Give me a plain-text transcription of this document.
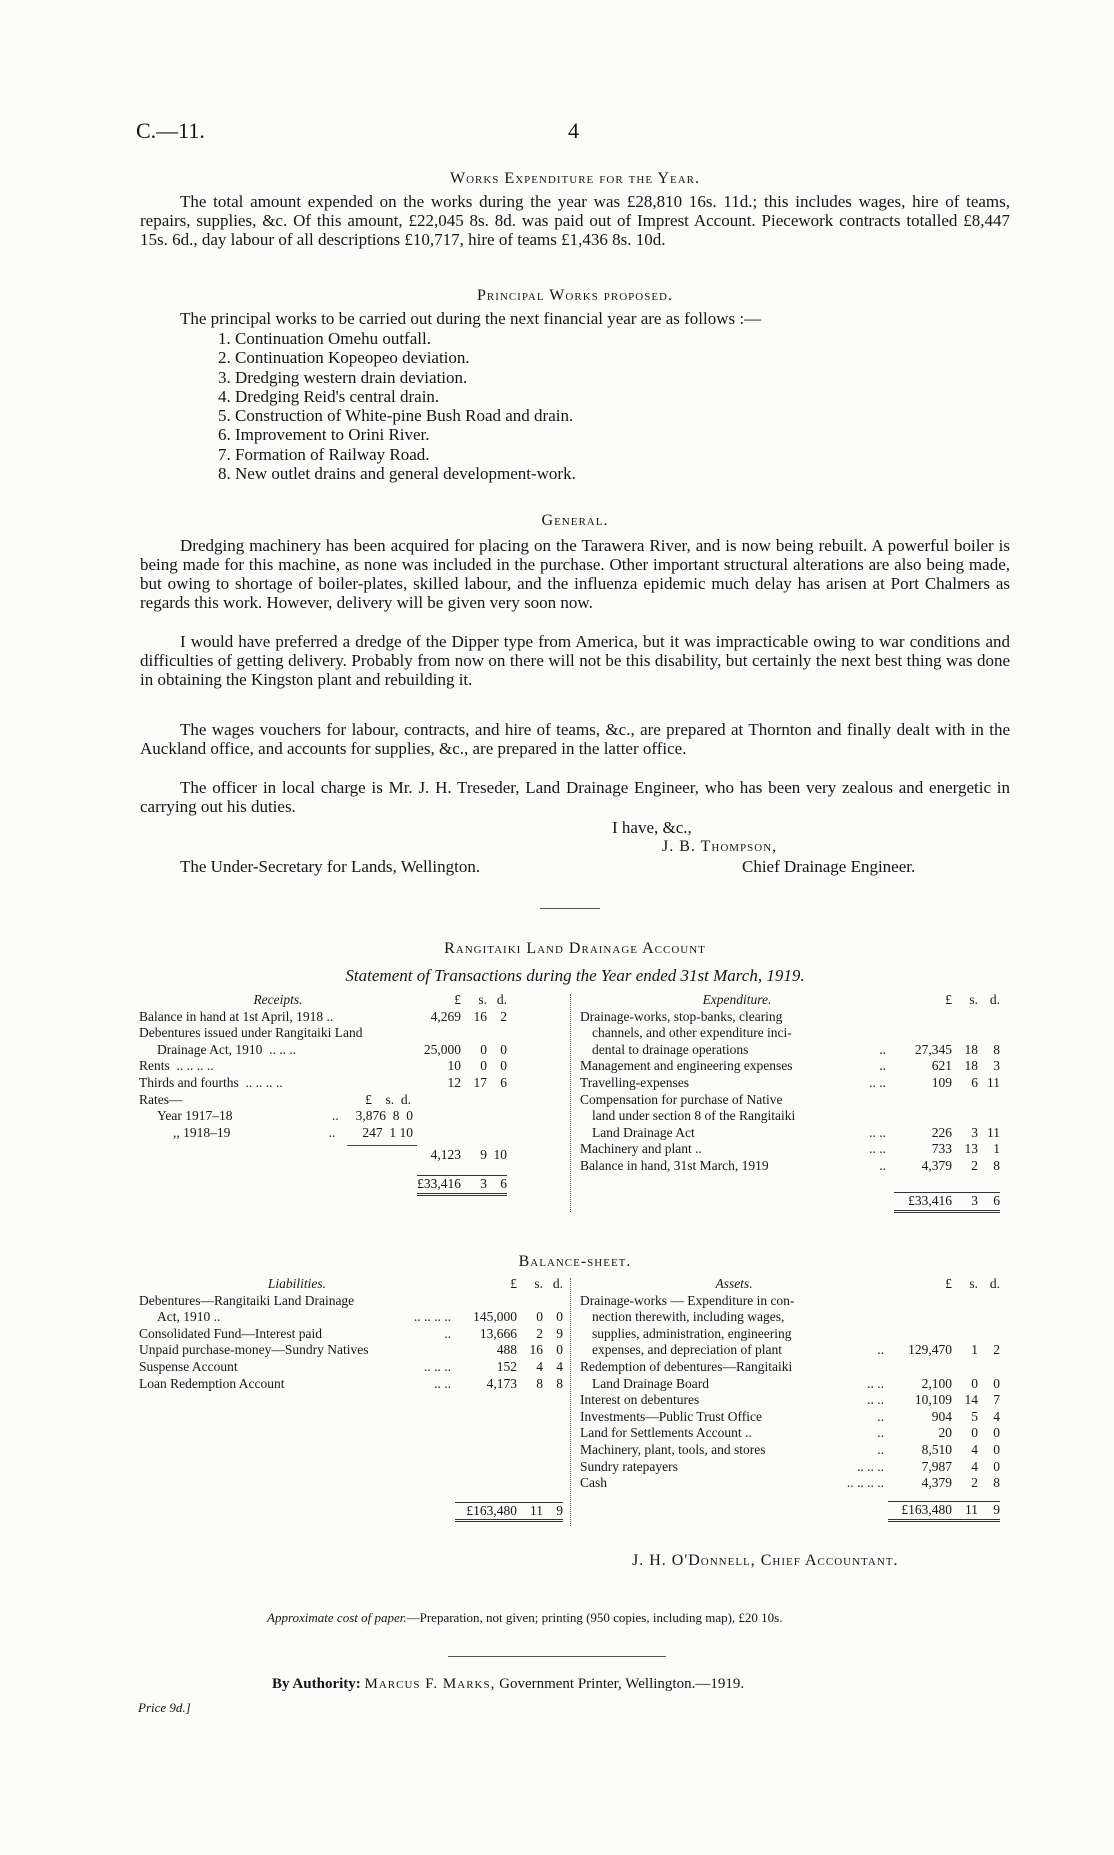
C.—11.	4
Works Expenditure for the Year.
The total amount expended on the works during the year was £28,810 16s. 11d.; this includes wages, hire of teams, repairs, supplies, &c. Of this amount, £22,045 8s. 8d. was paid out of Imprest Account. Piecework contracts totalled £8,447 15s. 6d., day labour of all descriptions £10,717, hire of teams £1,436 8s. 10d.
Principal Works proposed.
The principal works to be carried out during the next financial year are as follows :—
1. Continuation Omehu outfall.
2. Continuation Kopeopeo deviation.
3. Dredging western drain deviation.
4. Dredging Reid's central drain.
5. Construction of White-pine Bush Road and drain.
6. Improvement to Orini River.
7. Formation of Railway Road.
8. New outlet drains and general development-work.
General.
Dredging machinery has been acquired for placing on the Tarawera River, and is now being rebuilt. A powerful boiler is being made for this machine, as none was included in the purchase. Other important structural alterations are also being made, but owing to shortage of boiler-plates, skilled labour, and the influenza epidemic much delay has arisen at Port Chalmers as regards this work. However, delivery will be given very soon now.
I would have preferred a dredge of the Dipper type from America, but it was impracticable owing to war conditions and difficulties of getting delivery. Probably from now on there will not be this disability, but certainly the next best thing was done in obtaining the Kingston plant and rebuilding it.
The wages vouchers for labour, contracts, and hire of teams, &c., are prepared at Thornton and finally dealt with in the Auckland office, and accounts for supplies, &c., are prepared in the latter office.
The officer in local charge is Mr. J. H. Treseder, Land Drainage Engineer, who has been very zealous and energetic in carrying out his duties.
I have, &c.,
J. B. Thompson,
Chief Drainage Engineer.
The Under-Secretary for Lands, Wellington.
Rangitaiki Land Drainage Account
Statement of Transactions during the Year ended 31st March, 1919.
Receipts.	£	s.	d.
Balance in hand at 1st April, 1918 ..	4,269	16	2
Debentures issued under Rangitaiki Land			
Drainage Act, 1910 .. .. ..	25,000	0	0
Rents .. .. .. ..	10	0	0
Thirds and fourths .. .. .. ..	12	17	6
Rates— £ s. d.			

Year 1917–18 .. 3,876 8 0			

,, 1918–19 .. 247 1 10			

	4,123	9	10

	£33,416	3	6
Expenditure.	£	s.	d.
Drainage-works, stop-banks, clearing			
channels, and other expenditure inci-			
dental to drainage operations ..	27,345	18	8
Management and engineering expenses ..	621	18	3
Travelling-expenses .. ..	109	6	11
Compensation for purchase of Native			
land under section 8 of the Rangitaiki			
Land Drainage Act .. ..	226	3	11
Machinery and plant .. .. ..	733	13	1
Balance in hand, 31st March, 1919 ..	4,379	2	8

	£33,416	3	6
Balance-sheet.
Liabilities.	£	s.	d.
Debentures—Rangitaiki Land Drainage			
Act, 1910 .. .. .. .. ..	145,000	0	0
Consolidated Fund—Interest paid ..	13,666	2	9
Unpaid purchase-money—Sundry Natives	488	16	0
Suspense Account .. .. ..	152	4	4
Loan Redemption Account .. ..	4,173	8	8

	£163,480	11	9
Assets.	£	s.	d.
Drainage-works — Expenditure in con-			
nection therewith, including wages,			
supplies, administration, engineering			
expenses, and depreciation of plant ..	129,470	1	2
Redemption of debentures—Rangitaiki			
Land Drainage Board .. ..	2,100	0	0
Interest on debentures .. ..	10,109	14	7
Investments—Public Trust Office ..	904	5	4
Land for Settlements Account .. ..	20	0	0
Machinery, plant, tools, and stores ..	8,510	4	0
Sundry ratepayers .. .. ..	7,987	4	0
Cash .. .. .. ..	4,379	2	8

	£163,480	11	9
J. H. O'Donnell, Chief Accountant.
Approximate cost of paper.—Preparation, not given; printing (950 copies, including map), £20 10s.
By Authority: Marcus F. Marks, Government Printer, Wellington.—1919.
Price 9d.]
